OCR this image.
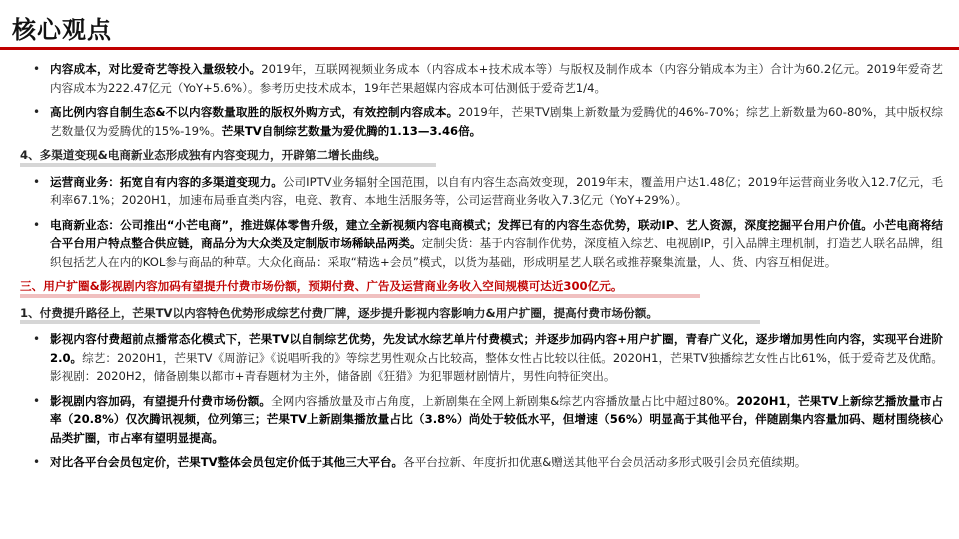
核心观点
• 内容成本，对比爱奇艺等投入量级较小。2019年，互联网视频业务成本（内容成本+技术成本等）与版权及制作成本（内容分销成本为主）合计为60.2亿元。2019年爱奇艺内容成本为222.47亿元（YoY+5.6%）。参考历史技术成本，19年芒果超媒内容成本可估测低于爱奇艺1/4。
• 高比例内容自制生态&不以内容数量取胜的版权外购方式，有效控制内容成本。2019年，芒果TV剧集上新数量为爱腾优的46%-70%；综艺上新数量为60-80%，其中版权综艺数量仅为爱腾优的15%-19%。芒果TV自制综艺数量为爱优腾的1.13—3.46倍。
4、多渠道变现&电商新业态形成独有内容变现力，开辟第二增长曲线。
• 运营商业务：拓宽自有内容的多渠道变现力。公司IPTV业务辐射全国范围，以自有内容生态高效变现，2019年末，覆盖用户达1.48亿；2019年运营商业务收入12.7亿元，毛利率67.1%；2020H1，加速布局垂直类内容，电竞、教育、本地生活服务等，公司运营商业务收入7.3亿元（YoY+29%）。
• 电商新业态：公司推出“小芒电商”，推进媒体零售升级，建立全新视频内容电商模式；发挥已有的内容生态优势，联动IP、艺人资源，深度挖掘平台用户价值。小芒电商将结合平台用户特点整合供应链，商品分为大众类及定制版市场稀缺品两类。定制尖货：基于内容制作优势，深度植入综艺、电视剧IP，引入品牌主理机制，打造艺人联名品牌，组织包括艺人在内的KOL参与商品的种草。大众化商品：采取“精选+会员”模式，以货为基础，形成明星艺人联名或推荐聚集流量，人、货、内容互相促进。
三、用户扩圈&影视剧内容加码有望提升付费市场份额，预期付费、广告及运营商业务收入空间规模可达近300亿元。
1、付费提升路径上，芒果TV以内容特色优势形成综艺付费厂牌，逐步提升影视内容影响力&用户扩圈，提高付费市场份额。
• 影视内容付费超前点播常态化模式下，芒果TV以自制综艺优势，先发试水综艺单片付费模式；并逐步加码内容+用户扩圈，青春广义化，逐步增加男性向内容，实现平台进阶2.0。综艺：2020H1，芒果TV《周游记》《说唱听我的》等综艺男性观众占比较高，整体女性占比较以往低。2020H1，芒果TV独播综艺女性占比61%，低于爱奇艺及优酷。影视剧：2020H2，储备剧集以都市+青春题材为主外，储备剧《狂猎》为犯罪题材剧情片，男性向特征突出。
• 影视剧内容加码，有望提升付费市场份额。全网内容播放量及市占角度，上新剧集在全网上新剧集&综艺内容播放量占比中超过80%。2020H1，芒果TV上新综艺播放量市占率（20.8%）仅次腾讯视频，位列第三；芒果TV上新剧集播放量占比（3.8%）尚处于较低水平，但增速（56%）明显高于其他平台，伴随剧集内容量加码、题材围绕核心品类扩圈，市占率有望明显提高。
• 对比各平台会员包定价，芒果TV整体会员包定价低于其他三大平台。各平台拉新、年度折扣优惠&赠送其他平台会员活动多形式吸引会员充值续期。
